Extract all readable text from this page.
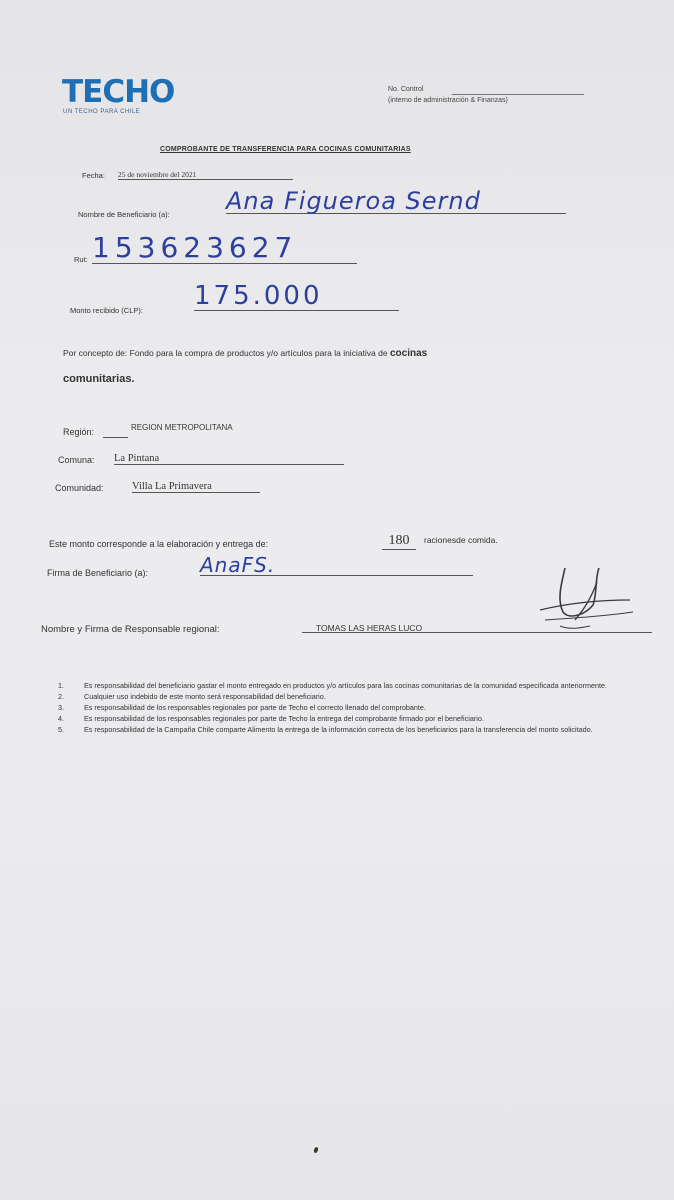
TECHO
UN TECHO PARA CHILE
No. Control
(interno de administración & Finanzas)
COMPROBANTE DE TRANSFERENCIA PARA COCINAS COMUNITARIAS
Fecha: 25 de noviembre del 2021
Nombre de Beneficiario (a): Ana Figueroa Sernd
Rut: 153623627
Monto recibido (CLP): 175.000
Por concepto de: Fondo para la compra de productos y/o artículos para la iniciativa de cocinas
comunitarias.
Región:	REGION METROPOLITANA
Comuna: La Pintana
Comunidad:	Villa La Primavera
Este monto corresponde a la elaboración y entrega de:	180	racionesde comida.
Firma de Beneficiario (a):	AnaFS.
Nombre y Firma de Responsable regional:	TOMAS LAS HERAS LUCO
1.	Es responsabilidad del beneficiario gastar el monto entregado en productos y/o artículos para las cocinas comunitarias de la comunidad especificada anteriormente.
2.	Cualquier uso indebido de este monto será responsabilidad del beneficiario.
3.	Es responsabilidad de los responsables regionales por parte de Techo el correcto llenado del comprobante.
4.	Es responsabilidad de los responsables regionales por parte de Techo la entrega del comprobante firmado por el beneficiario.
5.	Es responsabilidad de la Campaña Chile comparte Alimento la entrega de la información correcta de los beneficiarios para la transferencia del monto solicitado.
